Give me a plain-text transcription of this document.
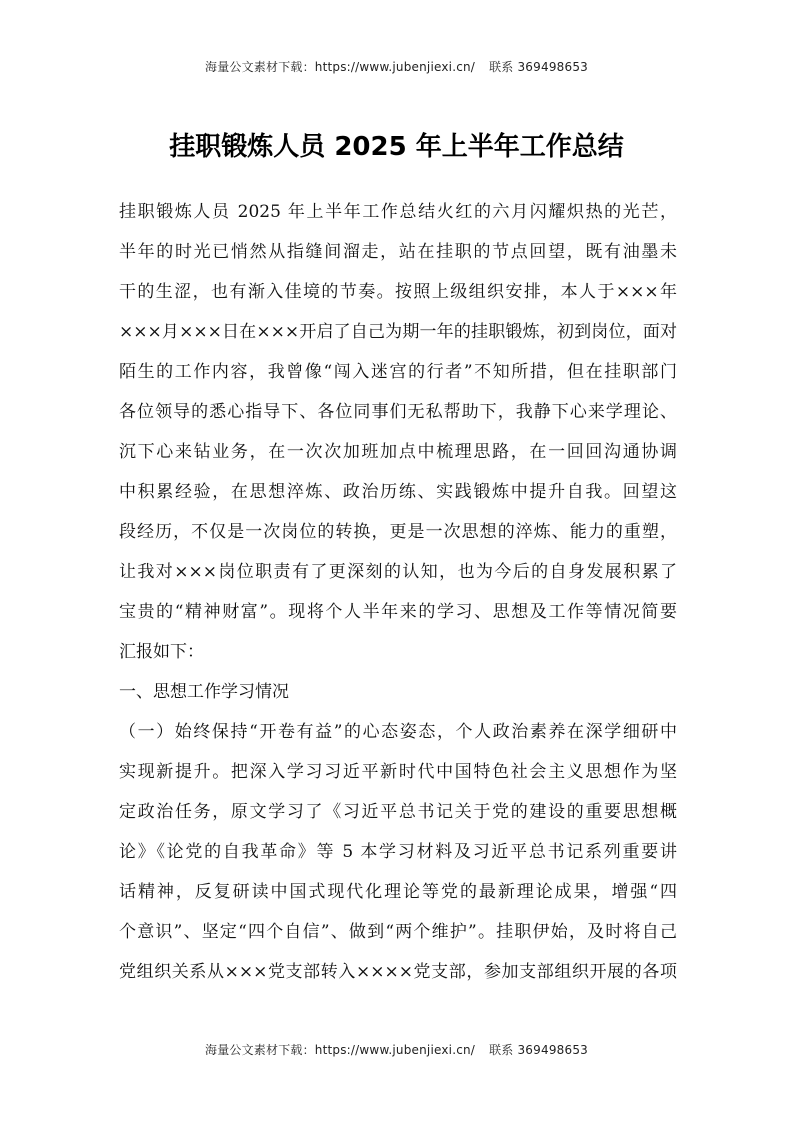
海量公文素材下载：https://www.jubenjiexi.cn/ 联系 369498653
挂职锻炼人员 2025 年上半年工作总结
挂职锻炼人员 2025 年上半年工作总结火红的六月闪耀炽热的光芒，
半年的时光已悄然从指缝间溜走，站在挂职的节点回望，既有油墨未
干的生涩，也有渐入佳境的节奏。按照上级组织安排，本人于×××年
×××月×××日在×××开启了自己为期一年的挂职锻炼，初到岗位，面对
陌生的工作内容，我曾像“闯入迷宫的行者”不知所措，但在挂职部门
各位领导的悉心指导下、各位同事们无私帮助下，我静下心来学理论、
沉下心来钻业务，在一次次加班加点中梳理思路，在一回回沟通协调
中积累经验，在思想淬炼、政治历练、实践锻炼中提升自我。回望这
段经历，不仅是一次岗位的转换，更是一次思想的淬炼、能力的重塑，
让我对×××岗位职责有了更深刻的认知，也为今后的自身发展积累了
宝贵的“精神财富”。现将个人半年来的学习、思想及工作等情况简要
汇报如下：
一、思想工作学习情况
（一）始终保持“开卷有益”的心态姿态，个人政治素养在深学细研中
实现新提升。把深入学习习近平新时代中国特色社会主义思想作为坚
定政治任务，原文学习了《习近平总书记关于党的建设的重要思想概
论》《论党的自我革命》等 5 本学习材料及习近平总书记系列重要讲
话精神，反复研读中国式现代化理论等党的最新理论成果，增强“四
个意识”、坚定“四个自信”、做到“两个维护”。挂职伊始，及时将自己
党组织关系从×××党支部转入××××党支部，参加支部组织开展的各项
海量公文素材下载：https://www.jubenjiexi.cn/ 联系 369498653
